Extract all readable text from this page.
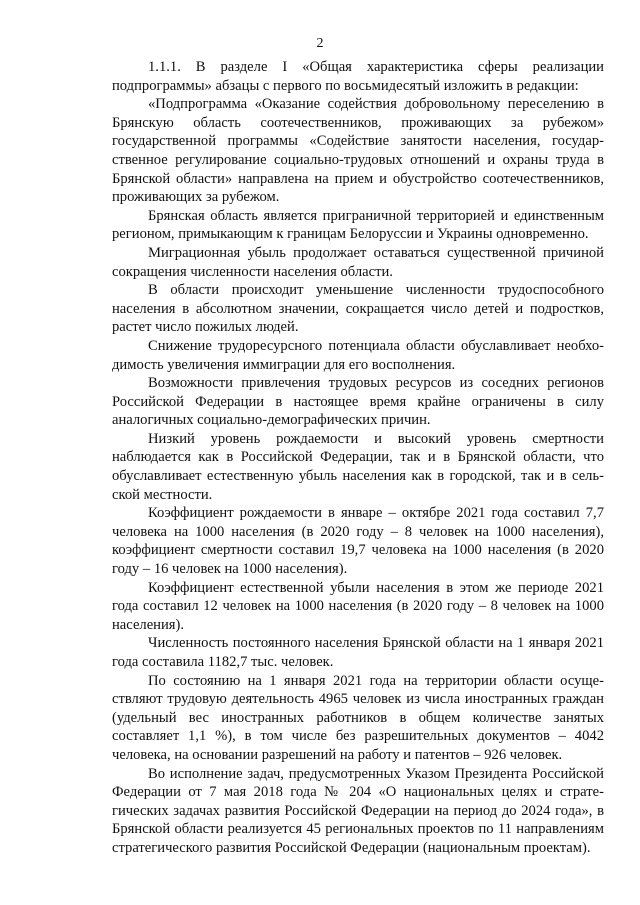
2

1.1.1. В разделе I «Общая характеристика сферы реализации подпрограммы» абзацы с первого по восьмидесятый изложить в редакции:

«Подпрограмма «Оказание содействия добровольному переселению в Брянскую область соотечественников, проживающих за рубежом» государственной программы «Содействие занятости населения, государственное регулирование социально-трудовых отношений и охраны труда в Брянской области» направлена на прием и обустройство соотечественников, проживающих за рубежом.

Брянская область является приграничной территорией и единственным регионом, примыкающим к границам Белоруссии и Украины одновременно.

Миграционная убыль продолжает оставаться существенной причиной сокращения численности населения области.

В области происходит уменьшение численности трудоспособного населения в абсолютном значении, сокращается число детей и подростков, растет число пожилых людей.

Снижение трудоресурсного потенциала области обуславливает необходимость увеличения иммиграции для его восполнения.

Возможности привлечения трудовых ресурсов из соседних регионов Российской Федерации в настоящее время крайне ограничены в силу аналогичных социально-демографических причин.

Низкий уровень рождаемости и высокий уровень смертности наблюдается как в Российской Федерации, так и в Брянской области, что обуславливает естественную убыль населения как в городской, так и в сельской местности.

Коэффициент рождаемости в январе – октябре 2021 года составил 7,7 человека на 1000 населения (в 2020 году – 8 человек на 1000 населения), коэффициент смертности составил 19,7 человека на 1000 населения (в 2020 году – 16 человек на 1000 населения).

Коэффициент естественной убыли населения в этом же периоде 2021 года составил 12 человек на 1000 населения (в 2020 году – 8 человек на 1000 населения).

Численность постоянного населения Брянской области на 1 января 2021 года составила 1182,7 тыс. человек.

По состоянию на 1 января 2021 года на территории области осуществляют трудовую деятельность 4965 человек из числа иностранных граждан (удельный вес иностранных работников в общем количестве занятых составляет 1,1 %), в том числе без разрешительных документов – 4042 человека, на основании разрешений на работу и патентов – 926 человек.

Во исполнение задач, предусмотренных Указом Президента Российской Федерации от 7 мая 2018 года № 204 «О национальных целях и стратегических задачах развития Российской Федерации на период до 2024 года», в Брянской области реализуется 45 региональных проектов по 11 направлениям стратегического развития Российской Федерации (национальным проектам).
